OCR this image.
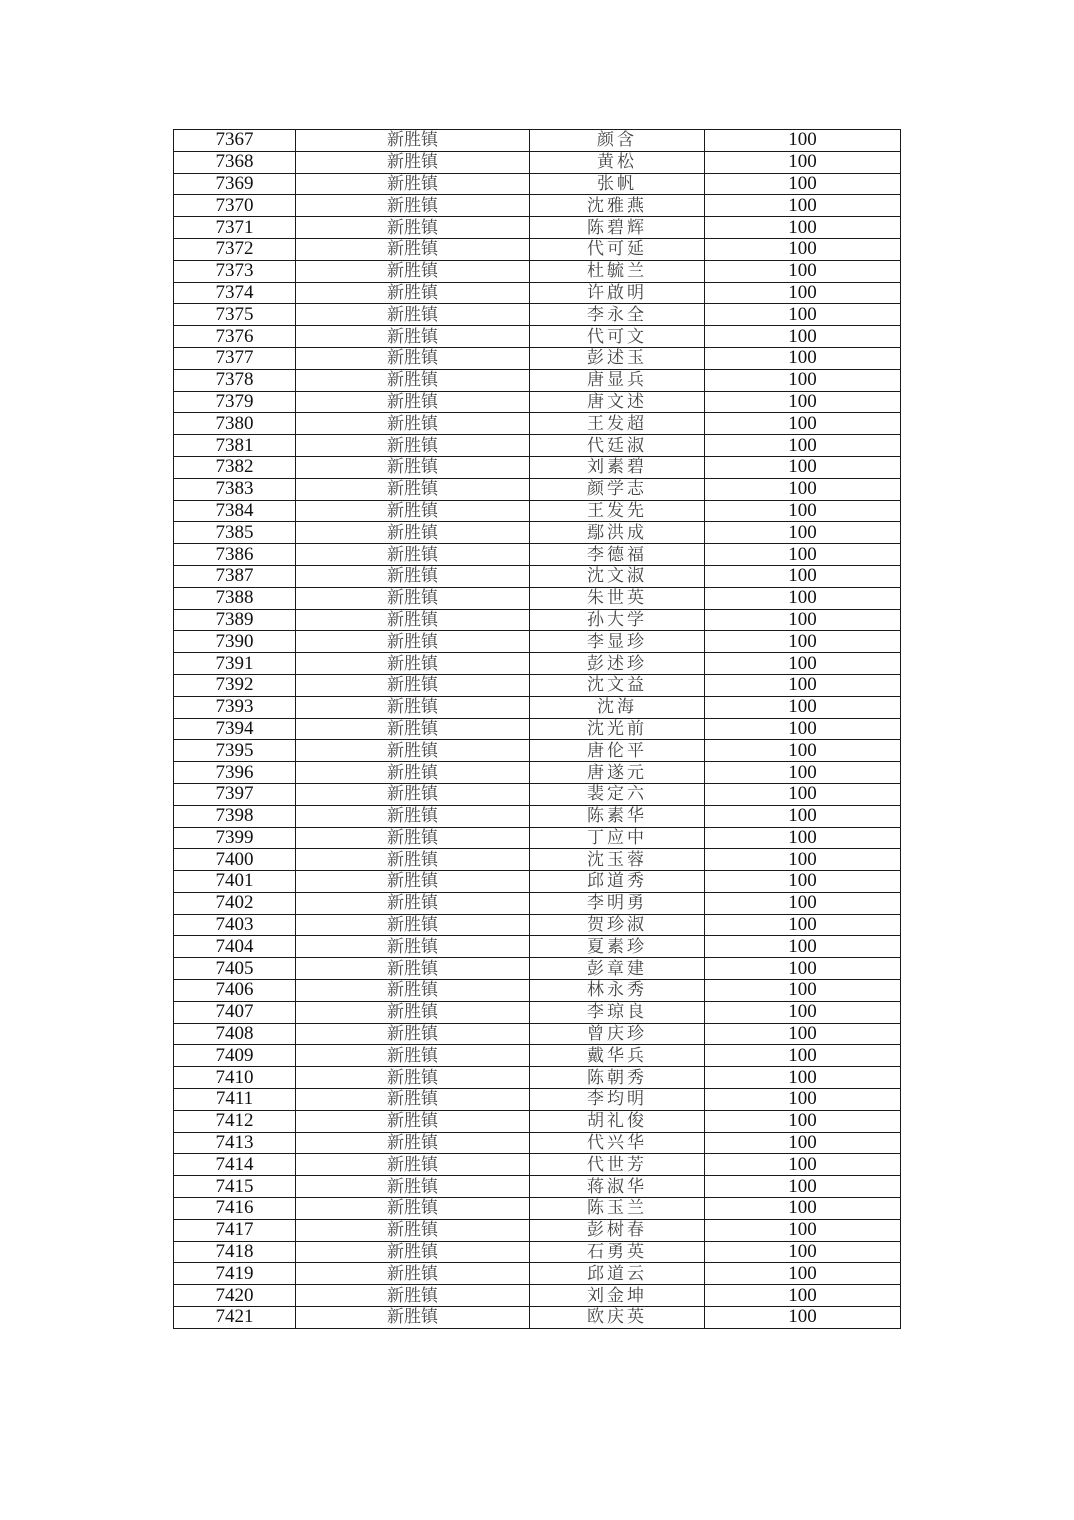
7367	新胜镇	颜含	100
7368	新胜镇	黄松	100
7369	新胜镇	张帆	100
7370	新胜镇	沈雅燕	100
7371	新胜镇	陈碧辉	100
7372	新胜镇	代可延	100
7373	新胜镇	杜毓兰	100
7374	新胜镇	许啟明	100
7375	新胜镇	李永全	100
7376	新胜镇	代可文	100
7377	新胜镇	彭述玉	100
7378	新胜镇	唐显兵	100
7379	新胜镇	唐文述	100
7380	新胜镇	王发超	100
7381	新胜镇	代廷淑	100
7382	新胜镇	刘素碧	100
7383	新胜镇	颜学志	100
7384	新胜镇	王发先	100
7385	新胜镇	鄢洪成	100
7386	新胜镇	李德福	100
7387	新胜镇	沈文淑	100
7388	新胜镇	朱世英	100
7389	新胜镇	孙大学	100
7390	新胜镇	李显珍	100
7391	新胜镇	彭述珍	100
7392	新胜镇	沈文益	100
7393	新胜镇	沈海	100
7394	新胜镇	沈光前	100
7395	新胜镇	唐伦平	100
7396	新胜镇	唐遂元	100
7397	新胜镇	裴定六	100
7398	新胜镇	陈素华	100
7399	新胜镇	丁应中	100
7400	新胜镇	沈玉蓉	100
7401	新胜镇	邱道秀	100
7402	新胜镇	李明勇	100
7403	新胜镇	贺珍淑	100
7404	新胜镇	夏素珍	100
7405	新胜镇	彭章建	100
7406	新胜镇	林永秀	100
7407	新胜镇	李琼良	100
7408	新胜镇	曾庆珍	100
7409	新胜镇	戴华兵	100
7410	新胜镇	陈朝秀	100
7411	新胜镇	李均明	100
7412	新胜镇	胡礼俊	100
7413	新胜镇	代兴华	100
7414	新胜镇	代世芳	100
7415	新胜镇	蒋淑华	100
7416	新胜镇	陈玉兰	100
7417	新胜镇	彭树春	100
7418	新胜镇	石勇英	100
7419	新胜镇	邱道云	100
7420	新胜镇	刘金坤	100
7421	新胜镇	欧庆英	100
